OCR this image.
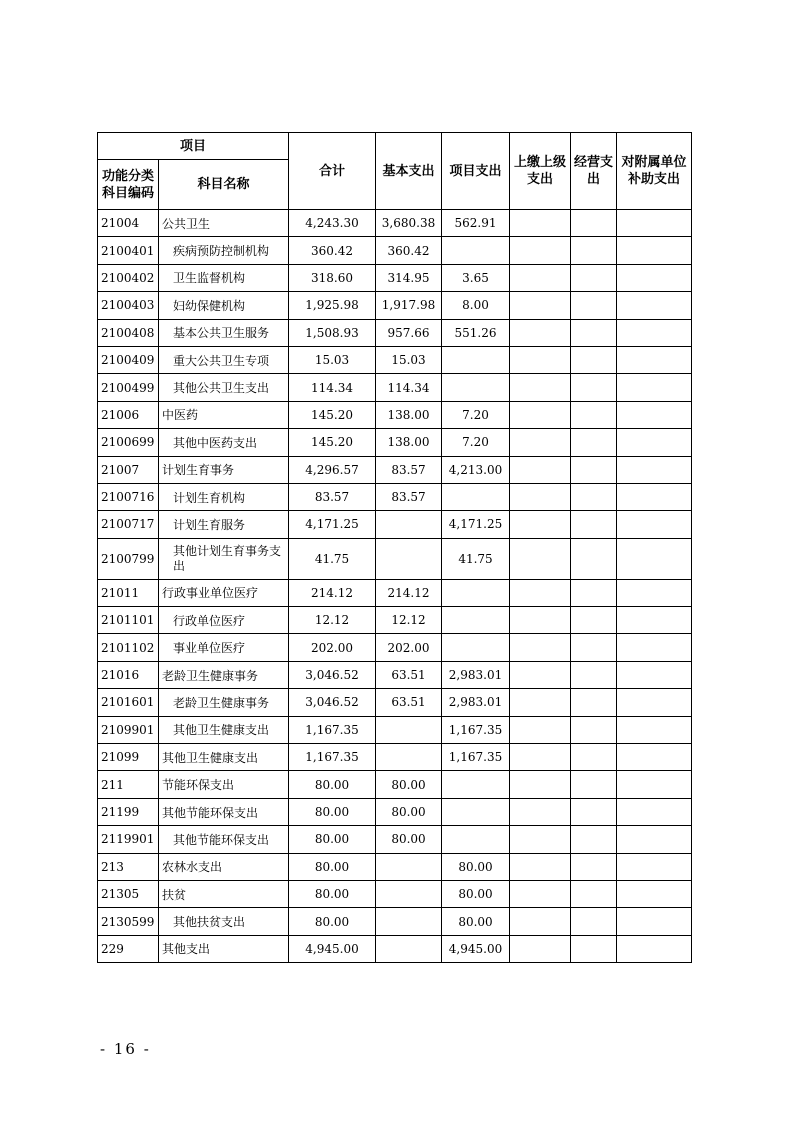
项目		合计	基本支出	项目支出	上缴上级支出	经营支出	对附属单位补助支出
功能分类科目编码	科目名称						
21004	公共卫生	4,243.30	3,680.38	562.91			
2100401	疾病预防控制机构	360.42	360.42				
2100402	卫生监督机构	318.60	314.95	3.65			
2100403	妇幼保健机构	1,925.98	1,917.98	8.00			
2100408	基本公共卫生服务	1,508.93	957.66	551.26			
2100409	重大公共卫生专项	15.03	15.03				
2100499	其他公共卫生支出	114.34	114.34				
21006	中医药	145.20	138.00	7.20			
2100699	其他中医药支出	145.20	138.00	7.20			
21007	计划生育事务	4,296.57	83.57	4,213.00			
2100716	计划生育机构	83.57	83.57				
2100717	计划生育服务	4,171.25		4,171.25			
2100799	其他计划生育事务支出	41.75		41.75			
21011	行政事业单位医疗	214.12	214.12				
2101101	行政单位医疗	12.12	12.12				
2101102	事业单位医疗	202.00	202.00				
21016	老龄卫生健康事务	3,046.52	63.51	2,983.01			
2101601	老龄卫生健康事务	3,046.52	63.51	2,983.01			
2109901	其他卫生健康支出	1,167.35		1,167.35			
21099	其他卫生健康支出	1,167.35		1,167.35			
211	节能环保支出	80.00	80.00				
21199	其他节能环保支出	80.00	80.00				
2119901	其他节能环保支出	80.00	80.00				
213	农林水支出	80.00		80.00			
21305	扶贫	80.00		80.00			
2130599	其他扶贫支出	80.00		80.00			
229	其他支出	4,945.00		4,945.00			
- 16 -
